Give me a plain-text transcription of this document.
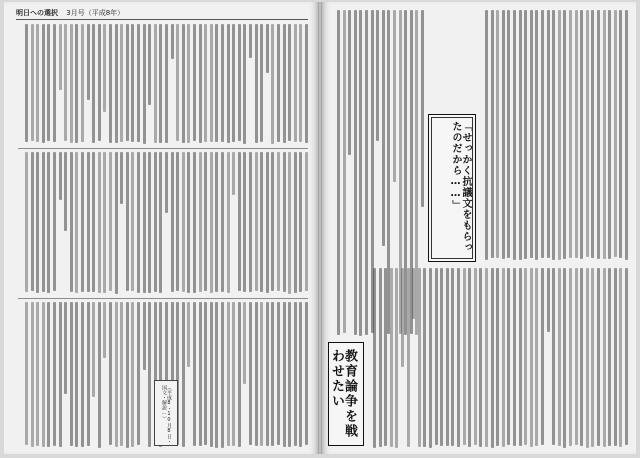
明日への選択 3月号（平成8年）
「せっかく抗議文をもらったのだから……」
教育論争を戦わせたい
（平成8・10月8日・国文・解説…）
